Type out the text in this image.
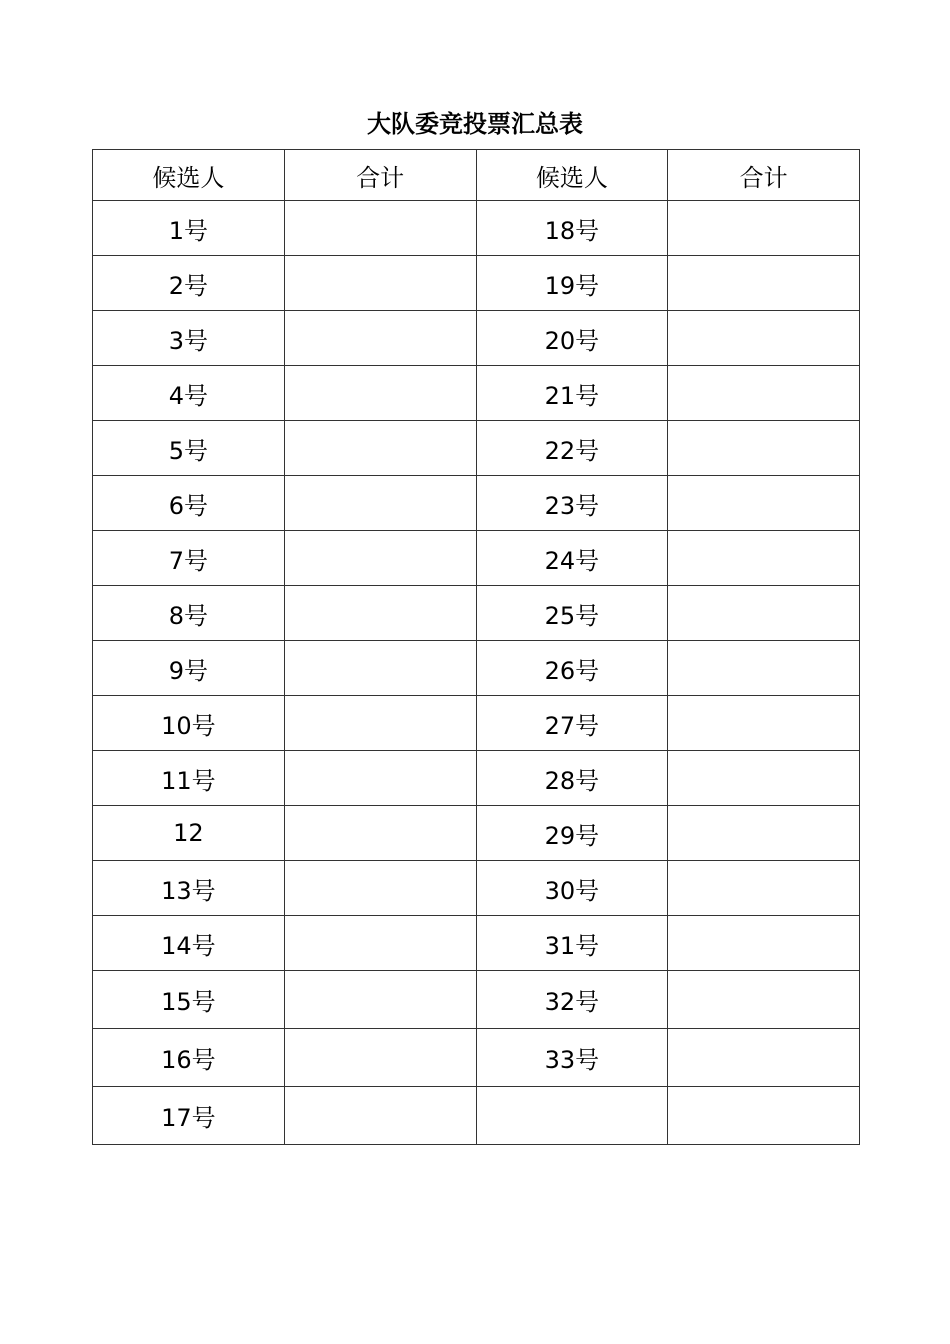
大队委竞投票汇总表
候选人	合计	候选人	合计
1号		18号	
2号		19号	
3号		20号	
4号		21号	
5号		22号	
6号		23号	
7号		24号	
8号		25号	
9号		26号	
10号		27号	
11号		28号	
12		29号	
13号		30号	
14号		31号	
15号		32号	
16号		33号	
17号			
